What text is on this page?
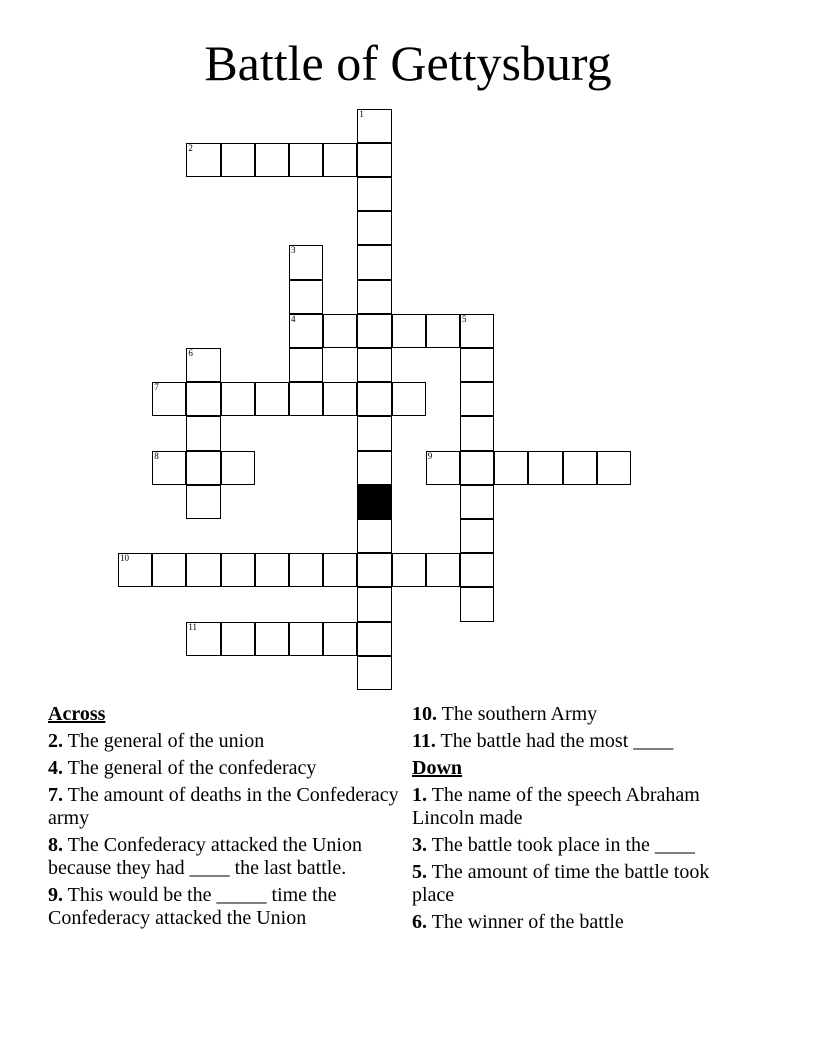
Battle of Gettysburg
1
2
3
4	5
6
7
8	9
10
11
Across
2. The general of the union
4. The general of the confederacy
7. The amount of deaths in the Confederacy army
8. The Confederacy attacked the Union because they had ____ the last battle.
9. This would be the _____ time the Confederacy attacked the Union
10. The southern Army
11. The battle had the most ____
Down
1. The name of the speech Abraham Lincoln made
3. The battle took place in the ____
5. The amount of time the battle took place
6. The winner of the battle
